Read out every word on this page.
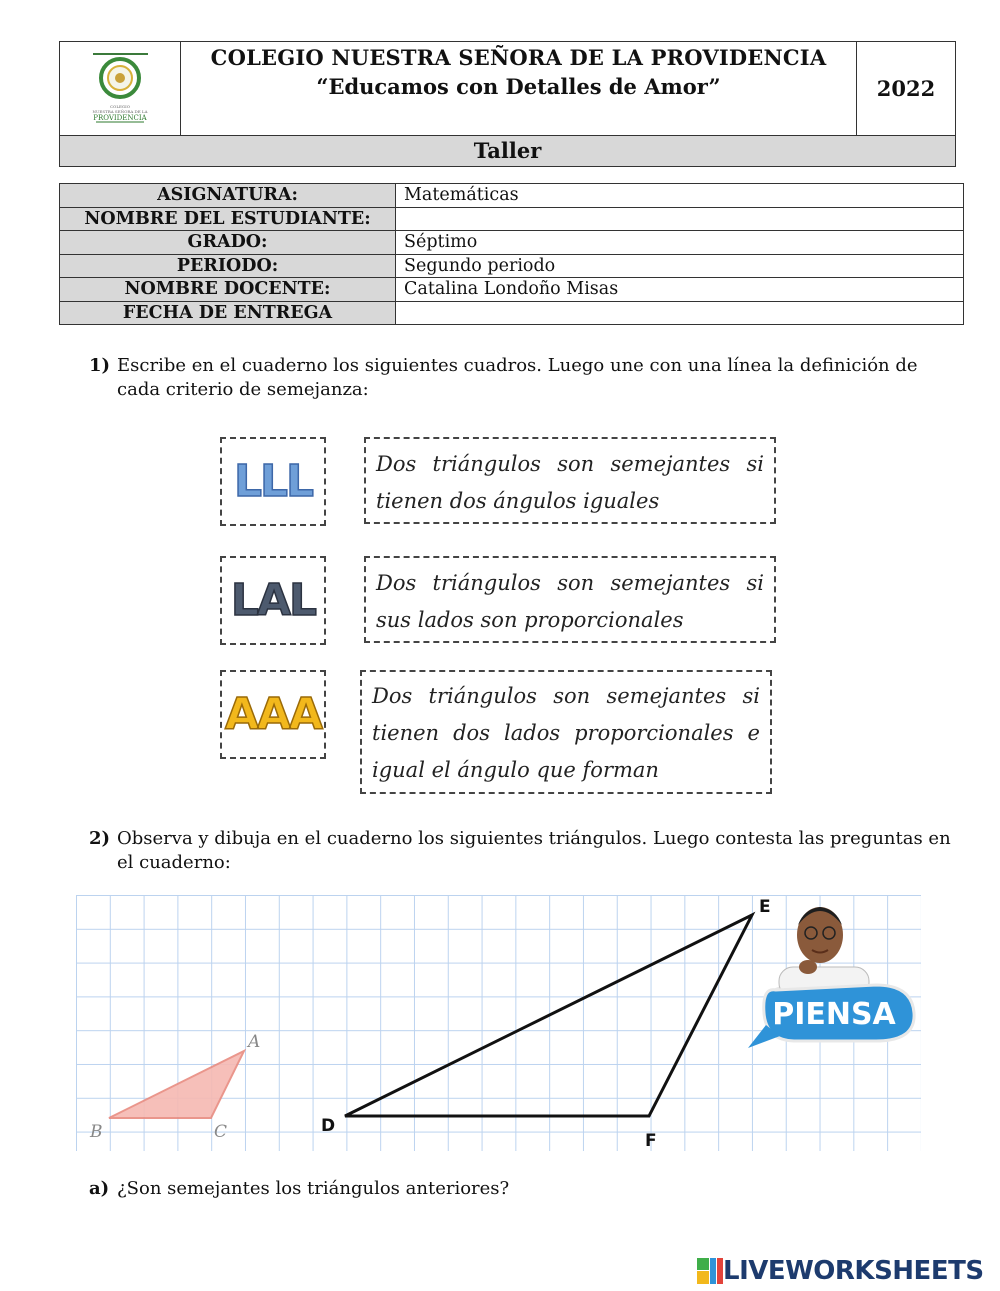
COLEGIO
NUESTRA SEÑORA DE LA
PROVIDENCIA
COLEGIO NUESTRA SEÑORA DE LA PROVIDENCIA
“Educamos con Detalles de Amor”	2022
Taller
ASIGNATURA:	Matemáticas
NOMBRE DEL ESTUDIANTE:	
GRADO:	Séptimo
PERIODO:	Segundo periodo
NOMBRE DOCENTE:	Catalina Londoño Misas
FECHA DE ENTREGA	
1) Escribe en el cuaderno los siguientes cuadros. Luego une con una línea la definición de
cada criterio de semejanza:
LLL
LAL
AAA
Dos triángulos son semejantes si tienen dos ángulos iguales
Dos triángulos son semejantes si sus lados son proporcionales
Dos triángulos son semejantes si tienen dos lados proporcionales e igual el ángulo que forman
2) Observa y dibuja en el cuaderno los siguientes triángulos. Luego contesta las preguntas en
el cuaderno:
A
B	C	D
E
F
PIENSA
a) ¿Son semejantes los triángulos anteriores?
LIVEWORKSHEETS
